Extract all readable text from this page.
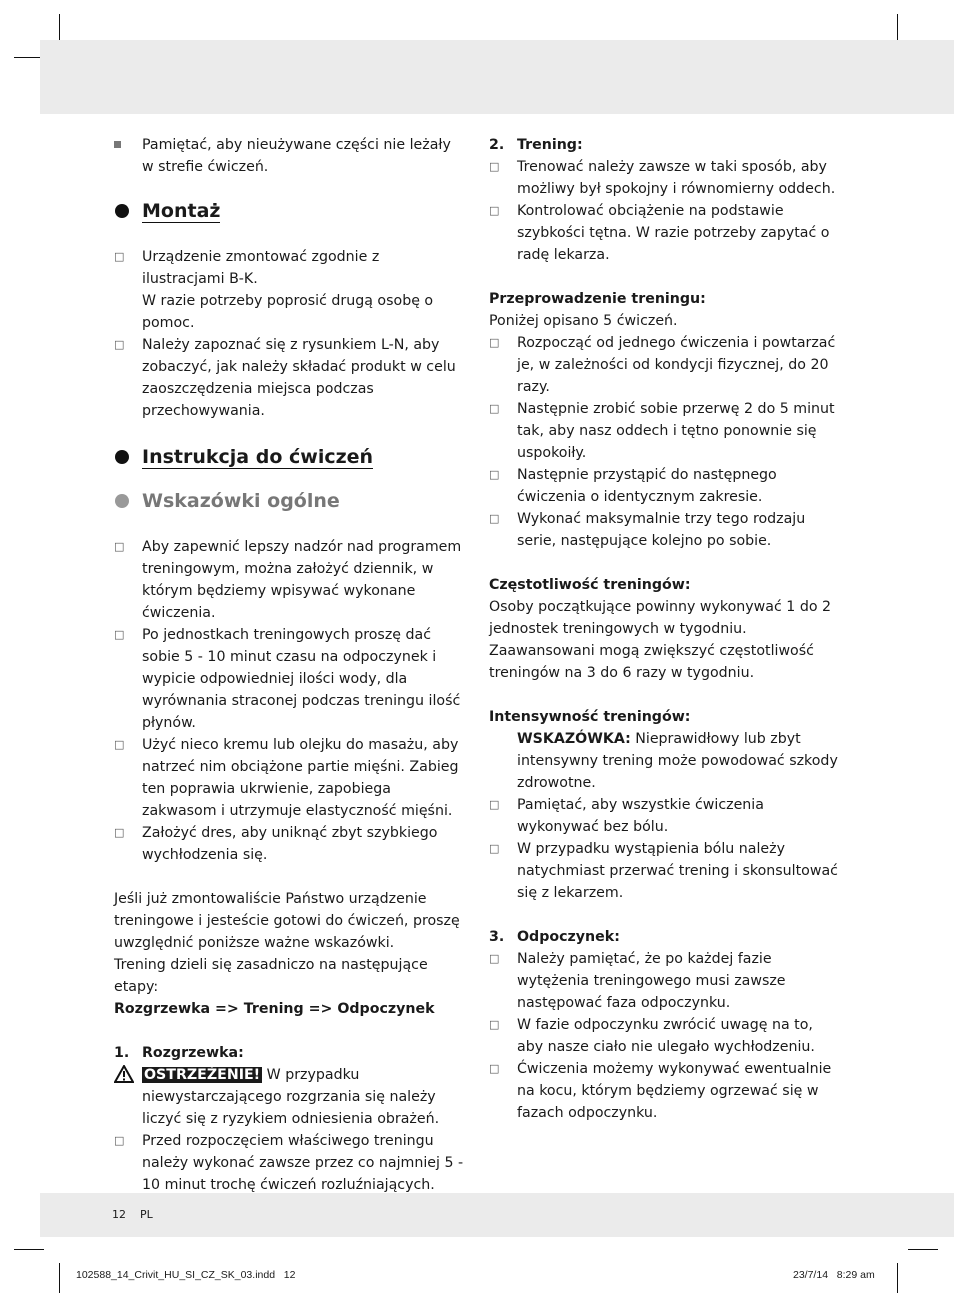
Pamiętać, aby nieużywane części nie leżały w strefie ćwiczeń.
Montaż
□ Urządzenie zmontować zgodnie z ilustracjami B-K.
W razie potrzeby poprosić drugą osobę o pomoc.
□ Należy zapoznać się z rysunkiem L-N, aby zobaczyć, jak należy składać produkt w celu zaoszczędzenia miejsca podczas przechowywania.
Instrukcja do ćwiczeń
Wskazówki ogólne
□ Aby zapewnić lepszy nadzór nad programem treningowym, można założyć dziennik, w którym będziemy wpisywać wykonane ćwiczenia.
□ Po jednostkach treningowych proszę dać sobie 5 - 10 minut czasu na odpoczynek i wypicie odpowiedniej ilości wody, dla wyrównania straconej podczas treningu ilość płynów.
□ Użyć nieco kremu lub olejku do masażu, aby natrzeć nim obciążone partie mięśni. Zabieg ten poprawia ukrwienie, zapobiega zakwasom i utrzymuje elastyczność mięśni.
□ Założyć dres, aby uniknąć zbyt szybkiego wychłodzenia się.
Jeśli już zmontowaliście Państwo urządzenie treningowe i jesteście gotowi do ćwiczeń, proszę uwzględnić poniższe ważne wskazówki.
Trening dzieli się zasadniczo na następujące etapy:
Rozgrzewka => Trening => Odpoczynek
1. Rozgrzewka:
OSTRZEŻENIE! W przypadku niewystarczającego rozgrzania się należy liczyć się z ryzykiem odniesienia obrażeń.
□ Przed rozpoczęciem właściwego treningu należy wykonać zawsze przez co najmniej 5 - 10 minut trochę ćwiczeń rozluźniających.
2. Trening:
□ Trenować należy zawsze w taki sposób, aby możliwy był spokojny i równomierny oddech.
□ Kontrolować obciążenie na podstawie szybkości tętna. W razie potrzeby zapytać o radę lekarza.
Przeprowadzenie treningu:
Poniżej opisano 5 ćwiczeń.
□ Rozpocząć od jednego ćwiczenia i powtarzać je, w zależności od kondycji fizycznej, do 20 razy.
□ Następnie zrobić sobie przerwę 2 do 5 minut tak, aby nasz oddech i tętno ponownie się uspokoiły.
□ Następnie przystąpić do następnego ćwiczenia o identycznym zakresie.
□ Wykonać maksymalnie trzy tego rodzaju serie, następujące kolejno po sobie.
Częstotliwość treningów:
Osoby początkujące powinny wykonywać 1 do 2 jednostek treningowych w tygodniu. Zaawansowani mogą zwiększyć częstotliwość treningów na 3 do 6 razy w tygodniu.
Intensywność treningów:
WSKAZÓWKA: Nieprawidłowy lub zbyt intensywny trening może powodować szkody zdrowotne.
□ Pamiętać, aby wszystkie ćwiczenia wykonywać bez bólu.
□ W przypadku wystąpienia bólu należy natychmiast przerwać trening i skonsultować się z lekarzem.
3. Odpoczynek:
□ Należy pamiętać, że po każdej fazie wytężenia treningowego musi zawsze następować faza odpoczynku.
□ W fazie odpoczynku zwrócić uwagę na to, aby nasze ciało nie ulegało wychłodzeniu.
□ Ćwiczenia możemy wykonywać ewentualnie na kocu, którym będziemy ogrzewać się w fazach odpoczynku.
12 PL
102588_14_Crivit_HU_SI_CZ_SK_03.indd   12	23/7/14   8:29 am
